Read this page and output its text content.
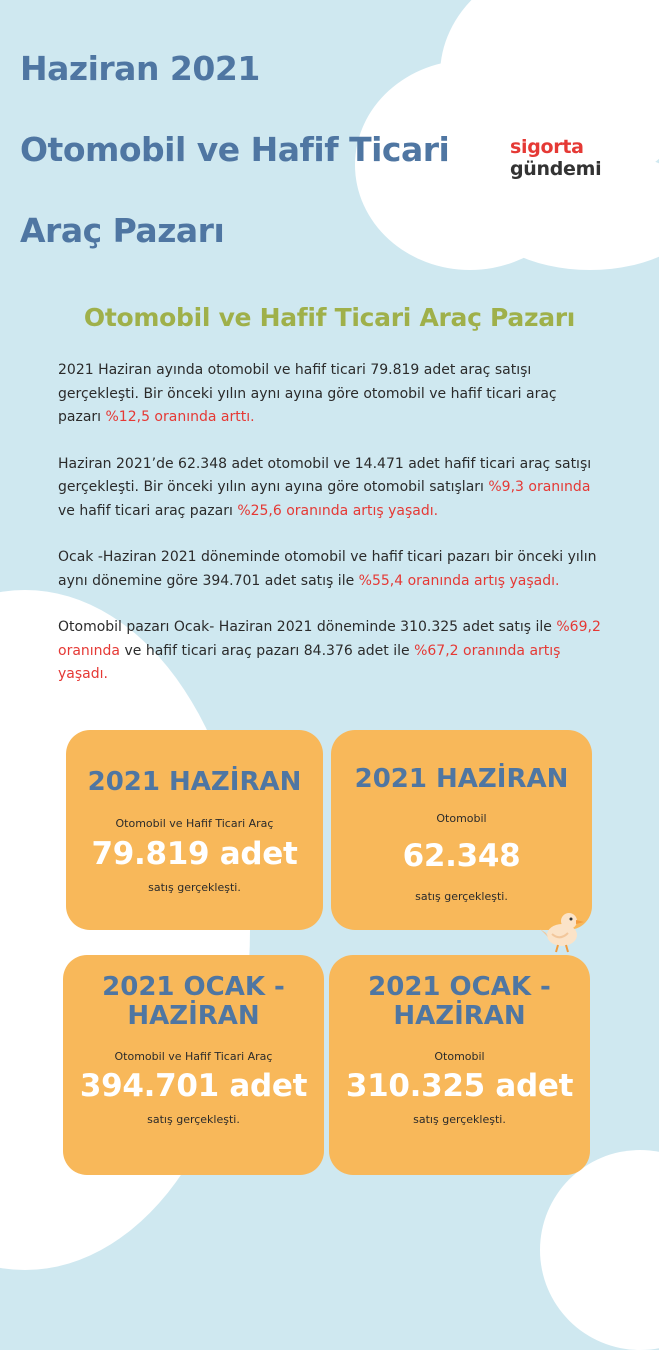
Haziran 2021
Otomobil ve Hafif Ticari
Araç Pazarı
sigorta
gündemi
Otomobil ve Hafif Ticari Araç Pazarı

2021 Haziran ayında otomobil ve hafif ticari 79.819 adet araç satışı gerçekleşti. Bir önceki yılın aynı ayına göre otomobil ve hafif ticari araç pazarı %12,5 oranında arttı.

Haziran 2021’de 62.348 adet otomobil ve 14.471 adet hafif ticari araç satışı gerçekleşti. Bir önceki yılın aynı ayına göre otomobil satışları %9,3 oranında ve hafif ticari araç pazarı %25,6 oranında artış yaşadı.

Ocak -Haziran 2021 döneminde otomobil ve hafif ticari pazarı bir önceki yılın aynı dönemine göre 394.701 adet satış ile %55,4 oranında artış yaşadı.

Otomobil pazarı Ocak- Haziran 2021 döneminde 310.325 adet satış ile %69,2 oranında ve hafif ticari araç pazarı 84.376 adet ile %67,2 oranında artış yaşadı.

2021 HAZİRAN
Otomobil ve Hafif Ticari Araç
79.819 adet
satış gerçekleşti.
2021 HAZİRAN
Otomobil
62.348
satış gerçekleşti.
2021 OCAK -
HAZİRAN
Otomobil ve Hafif Ticari Araç
394.701 adet
satış gerçekleşti.
2021 OCAK -
HAZİRAN
Otomobil
310.325 adet
satış gerçekleşti.
